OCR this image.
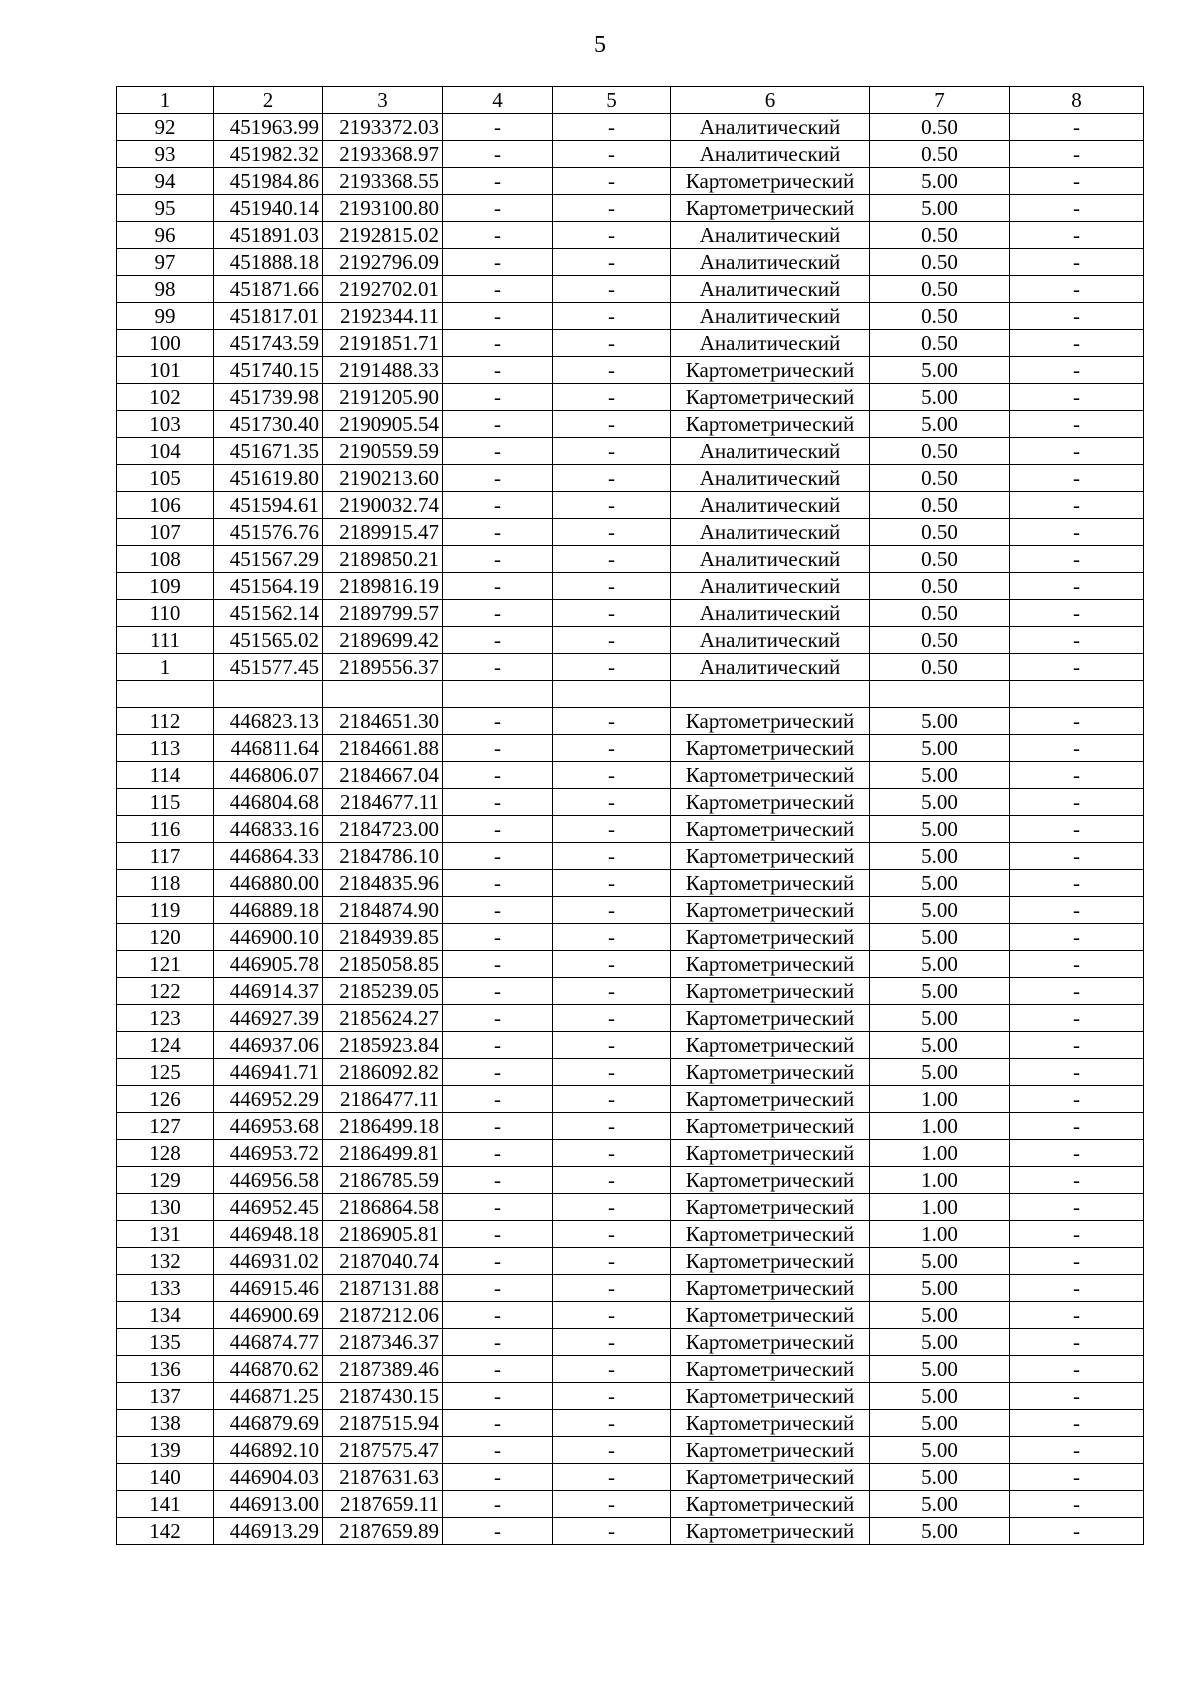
5
1	2	3	4	5	6	7	8
92	451963.99	2193372.03	-	-	Аналитический	0.50	-
93	451982.32	2193368.97	-	-	Аналитический	0.50	-
94	451984.86	2193368.55	-	-	Картометрический	5.00	-
95	451940.14	2193100.80	-	-	Картометрический	5.00	-
96	451891.03	2192815.02	-	-	Аналитический	0.50	-
97	451888.18	2192796.09	-	-	Аналитический	0.50	-
98	451871.66	2192702.01	-	-	Аналитический	0.50	-
99	451817.01	2192344.11	-	-	Аналитический	0.50	-
100	451743.59	2191851.71	-	-	Аналитический	0.50	-
101	451740.15	2191488.33	-	-	Картометрический	5.00	-
102	451739.98	2191205.90	-	-	Картометрический	5.00	-
103	451730.40	2190905.54	-	-	Картометрический	5.00	-
104	451671.35	2190559.59	-	-	Аналитический	0.50	-
105	451619.80	2190213.60	-	-	Аналитический	0.50	-
106	451594.61	2190032.74	-	-	Аналитический	0.50	-
107	451576.76	2189915.47	-	-	Аналитический	0.50	-
108	451567.29	2189850.21	-	-	Аналитический	0.50	-
109	451564.19	2189816.19	-	-	Аналитический	0.50	-
110	451562.14	2189799.57	-	-	Аналитический	0.50	-
111	451565.02	2189699.42	-	-	Аналитический	0.50	-
1	451577.45	2189556.37	-	-	Аналитический	0.50	-

112	446823.13	2184651.30	-	-	Картометрический	5.00	-
113	446811.64	2184661.88	-	-	Картометрический	5.00	-
114	446806.07	2184667.04	-	-	Картометрический	5.00	-
115	446804.68	2184677.11	-	-	Картометрический	5.00	-
116	446833.16	2184723.00	-	-	Картометрический	5.00	-
117	446864.33	2184786.10	-	-	Картометрический	5.00	-
118	446880.00	2184835.96	-	-	Картометрический	5.00	-
119	446889.18	2184874.90	-	-	Картометрический	5.00	-
120	446900.10	2184939.85	-	-	Картометрический	5.00	-
121	446905.78	2185058.85	-	-	Картометрический	5.00	-
122	446914.37	2185239.05	-	-	Картометрический	5.00	-
123	446927.39	2185624.27	-	-	Картометрический	5.00	-
124	446937.06	2185923.84	-	-	Картометрический	5.00	-
125	446941.71	2186092.82	-	-	Картометрический	5.00	-
126	446952.29	2186477.11	-	-	Картометрический	1.00	-
127	446953.68	2186499.18	-	-	Картометрический	1.00	-
128	446953.72	2186499.81	-	-	Картометрический	1.00	-
129	446956.58	2186785.59	-	-	Картометрический	1.00	-
130	446952.45	2186864.58	-	-	Картометрический	1.00	-
131	446948.18	2186905.81	-	-	Картометрический	1.00	-
132	446931.02	2187040.74	-	-	Картометрический	5.00	-
133	446915.46	2187131.88	-	-	Картометрический	5.00	-
134	446900.69	2187212.06	-	-	Картометрический	5.00	-
135	446874.77	2187346.37	-	-	Картометрический	5.00	-
136	446870.62	2187389.46	-	-	Картометрический	5.00	-
137	446871.25	2187430.15	-	-	Картометрический	5.00	-
138	446879.69	2187515.94	-	-	Картометрический	5.00	-
139	446892.10	2187575.47	-	-	Картометрический	5.00	-
140	446904.03	2187631.63	-	-	Картометрический	5.00	-
141	446913.00	2187659.11	-	-	Картометрический	5.00	-
142	446913.29	2187659.89	-	-	Картометрический	5.00	-
